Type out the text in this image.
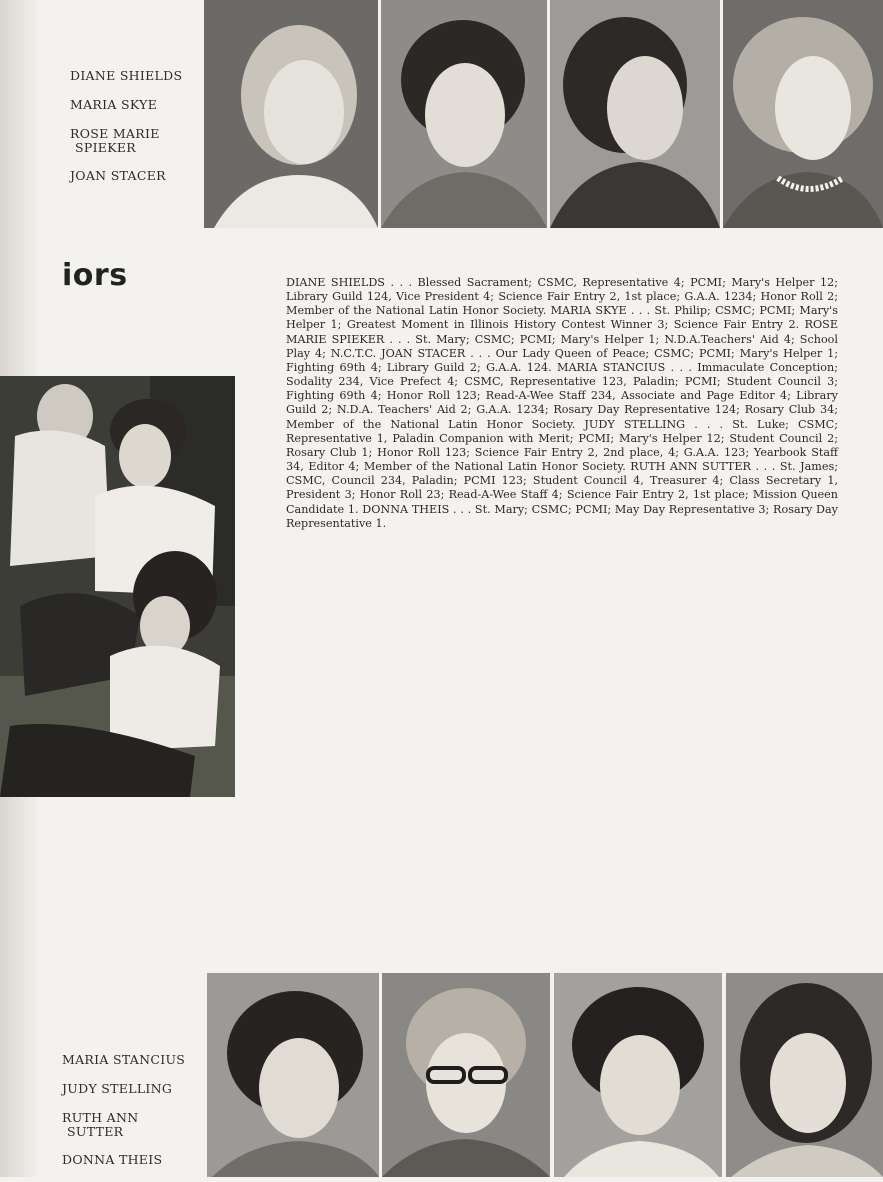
DIANE SHIELDS
MARIA SKYE
ROSE MARIE
SPIEKER
JOAN STACER
iors	DIANE SHIELDS . . . Blessed Sacrament; CSMC, Representative 4; PCMI; Mary's Helper 12; Library Guild 124, Vice President 4; Science Fair Entry 2, 1st place; G.A.A. 1234; Honor Roll 2; Member of the National Latin Honor Society. MARIA SKYE . . . St. Philip; CSMC; PCMI; Mary's Helper 1; Greatest Moment in Illinois History Contest Winner 3; Science Fair Entry 2. ROSE MARIE SPIEKER . . . St. Mary; CSMC; PCMI; Mary's Helper 1; N.D.A.Teachers' Aid 4; School Play 4; N.C.T.C. JOAN STACER . . . Our Lady Queen of Peace; CSMC; PCMI; Mary's Helper 1; Fighting 69th 4; Library Guild 2; G.A.A. 124. MARIA STANCIUS . . . Immaculate Conception; Sodality 234, Vice Prefect 4; CSMC, Representative 123, Paladin; PCMI; Student Council 3; Fighting 69th 4; Honor Roll 123; Read-A-Wee Staff 234, Associate and Page Editor 4; Library Guild 2; N.D.A. Teachers' Aid 2; G.A.A. 1234; Rosary Day Representative 124; Rosary Club 34; Member of the National Latin Honor Society. JUDY STELLING . . . St. Luke; CSMC; Representative 1, Paladin Companion with Merit; PCMI; Mary's Helper 12; Student Council 2; Rosary Club 1; Honor Roll 123; Science Fair Entry 2, 2nd place, 4; G.A.A. 123; Yearbook Staff 34, Editor 4; Member of the National Latin Honor Society. RUTH ANN SUTTER . . . St. James; CSMC, Council 234, Paladin; PCMI 123; Student Council 4, Treasurer 4; Class Secretary 1, President 3; Honor Roll 23; Read-A-Wee Staff 4; Science Fair Entry 2, 1st place; Mission Queen Candidate 1. DONNA THEIS . . . St. Mary; CSMC; PCMI; May Day Representative 3; Rosary Day Representative 1.

MARIA STANCIUS
JUDY STELLING
RUTH ANN
SUTTER
DONNA THEIS
